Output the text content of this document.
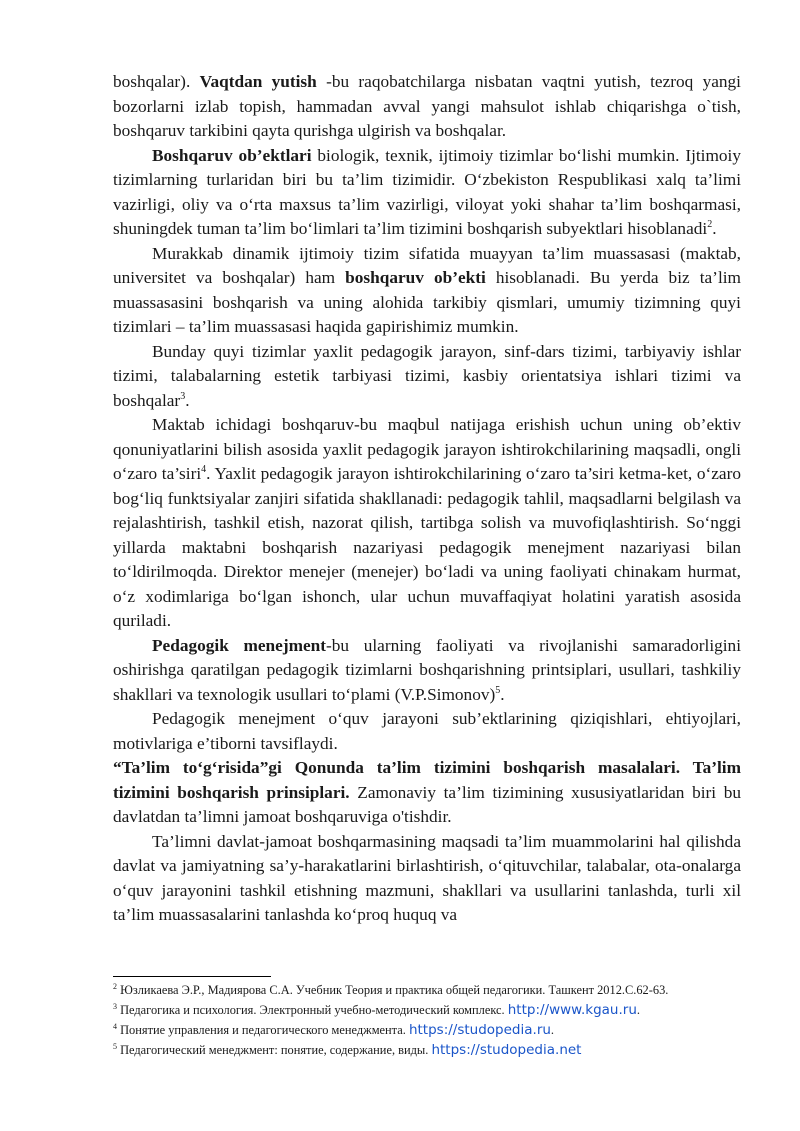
boshqalar). Vaqtdan yutish -bu raqobatchilarga nisbatan vaqtni yutish, tezroq yangi bozorlarni izlab topish, hammadan avval yangi mahsulot ishlab chiqarishga o`tish, boshqaruv tarkibini qayta qurishga ulgirish va boshqalar.

Boshqaruv ob’ektlari biologik, texnik, ijtimoiy tizimlar bo‘lishi mumkin. Ijtimoiy tizimlarning turlaridan biri bu ta’lim tizimidir. O‘zbekiston Respublikasi xalq ta’limi vazirligi, oliy va o‘rta maxsus ta’lim vazirligi, viloyat yoki shahar ta’lim boshqarmasi, shuningdek tuman ta’lim bo‘limlari ta’lim tizimini boshqarish subyektlari hisoblanadi$^2$.

Murakkab dinamik ijtimoiy tizim sifatida muayyan ta’lim muassasasi (maktab, universitet va boshqalar) ham boshqaruv ob’ekti hisoblanadi. Bu yerda biz ta’lim muassasasini boshqarish va uning alohida tarkibiy qismlari, umumiy tizimning quyi tizimlari – ta’lim muassasasi haqida gapirishimiz mumkin.

Bunday quyi tizimlar yaxlit pedagogik jarayon, sinf-dars tizimi, tarbiyaviy ishlar tizimi, talabalarning estetik tarbiyasi tizimi, kasbiy orientatsiya ishlari tizimi va boshqalar$^3$.

Maktab ichidagi boshqaruv-bu maqbul natijaga erishish uchun uning ob’ektiv qonuniyatlarini bilish asosida yaxlit pedagogik jarayon ishtirokchilarining maqsadli, ongli o‘zaro ta’siri$^4$. Yaxlit pedagogik jarayon ishtirokchilarining o‘zaro ta’siri ketma-ket, o‘zaro bog‘liq funktsiyalar zanjiri sifatida shakllanadi: pedagogik tahlil, maqsadlarni belgilash va rejalashtirish, tashkil etish, nazorat qilish, tartibga solish va muvofiqlashtirish. So‘nggi yillarda maktabni boshqarish nazariyasi pedagogik menejment nazariyasi bilan to‘ldirilmoqda. Direktor menejer (menejer) bo‘ladi va uning faoliyati chinakam hurmat, o‘z xodimlariga bo‘lgan ishonch, ular uchun muvaffaqiyat holatini yaratish asosida quriladi.

Pedagogik menejment-bu ularning faoliyati va rivojlanishi samaradorligini oshirishga qaratilgan pedagogik tizimlarni boshqarishning printsiplari, usullari, tashkiliy shakllari va texnologik usullari to‘plami (V.P.Simonov)$^5$.

Pedagogik menejment o‘quv jarayoni sub’ektlarining qiziqishlari, ehtiyojlari, motivlariga e’tiborni tavsiflaydi.

“Ta’lim to‘g‘risida”gi Qonunda ta’lim tizimini boshqarish masalalari. Ta’lim tizimini boshqarish prinsiplari. Zamonaviy ta’lim tizimining xususiyatlaridan biri bu davlatdan ta’limni jamoat boshqaruviga o'tishdir.

Ta’limni davlat-jamoat boshqarmasining maqsadi ta’lim muammolarini hal qilishda davlat va jamiyatning sa’y-harakatlarini birlashtirish, o‘qituvchilar, talabalar, ota-onalarga o‘quv jarayonini tashkil etishning mazmuni, shakllari va usullarini tanlashda, turli xil ta’lim muassasalarini tanlashda ko‘proq huquq va

$^2$ Юзликаева Э.Р., Мадиярова С.А. Учебник Теория и практика общей педагогики. Ташкент 2012.С.62-63.

$^3$ Педагогика и психология. Электронный учебно-методический комплекс. http://www.kgau.ru.

$^4$ Понятие управления и педагогического менеджмента. https://studopedia.ru.

$^5$ Педагогический менеджмент: понятие, содержание, виды. https://studopedia.net
